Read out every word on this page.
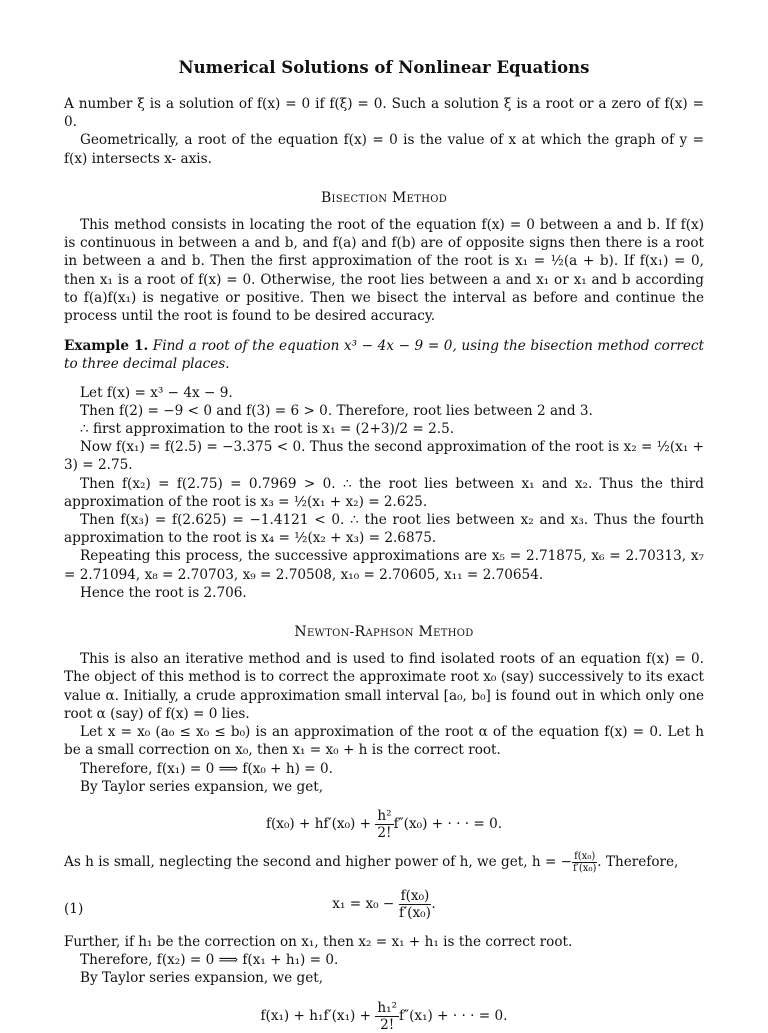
Numerical Solutions of Nonlinear Equations

A number ξ is a solution of f(x) = 0 if f(ξ) = 0. Such a solution ξ is a root or a zero of f(x) = 0.

Geometrically, a root of the equation f(x) = 0 is the value of x at which the graph of y = f(x) intersects x- axis.

Bisection Method

This method consists in locating the root of the equation f(x) = 0 between a and b. If f(x) is continuous in between a and b, and f(a) and f(b) are of opposite signs then there is a root in between a and b. Then the first approximation of the root is x₁ = ½(a + b). If f(x₁) = 0, then x₁ is a root of f(x) = 0. Otherwise, the root lies between a and x₁ or x₁ and b according to f(a)f(x₁) is negative or positive. Then we bisect the interval as before and continue the process until the root is found to be desired accuracy.

Example 1. Find a root of the equation x³ − 4x − 9 = 0, using the bisection method correct to three decimal places.

Let f(x) = x³ − 4x − 9.

Then f(2) = −9 < 0 and f(3) = 6 > 0. Therefore, root lies between 2 and 3.

∴ first approximation to the root is x₁ = (2+3)/2 = 2.5.

Now f(x₁) = f(2.5) = −3.375 < 0. Thus the second approximation of the root is x₂ = ½(x₁ + 3) = 2.75.

Then f(x₂) = f(2.75) = 0.7969 > 0. ∴ the root lies between x₁ and x₂. Thus the third approximation of the root is x₃ = ½(x₁ + x₂) = 2.625.

Then f(x₃) = f(2.625) = −1.4121 < 0. ∴ the root lies between x₂ and x₃. Thus the fourth approximation to the root is x₄ = ½(x₂ + x₃) = 2.6875.

Repeating this process, the successive approximations are x₅ = 2.71875, x₆ = 2.70313, x₇ = 2.71094, x₈ = 2.70703, x₉ = 2.70508, x₁₀ = 2.70605, x₁₁ = 2.70654.

Hence the root is 2.706.

Newton-Raphson Method

This is also an iterative method and is used to find isolated roots of an equation f(x) = 0. The object of this method is to correct the approximate root x₀ (say) successively to its exact value α. Initially, a crude approximation small interval [a₀, b₀] is found out in which only one root α (say) of f(x) = 0 lies.

Let x = x₀ (a₀ ≤ x₀ ≤ b₀) is an approximation of the root α of the equation f(x) = 0. Let h be a small correction on x₀, then x₁ = x₀ + h is the correct root.

Therefore, f(x₁) = 0 ⟹ f(x₀ + h) = 0.

By Taylor series expansion, we get,

$f(x_0) + hf'(x_0) + \frac{\text{h²}}{2!} f''(x_0)$ + · · · = 0.

As h is small, neglecting the second and higher power of h, we get, h = − $\frac{\text{f(x₀)}}{\text{f′(x₀)}}$ . Therefore,

(1)	$x_1 = x_0 - \frac{\text{f(x₀)}}{\text{f′(x₀)}}$ .

Further, if h₁ be the correction on x₁, then x₂ = x₁ + h₁ is the correct root.

Therefore, f(x₂) = 0 ⟹ f(x₁ + h₁) = 0.

By Taylor series expansion, we get,

$f(x_1) + h_1f'(x_1) + \frac{\text{h₁²}}{2!} f''(x_1)$ + · · · = 0.
